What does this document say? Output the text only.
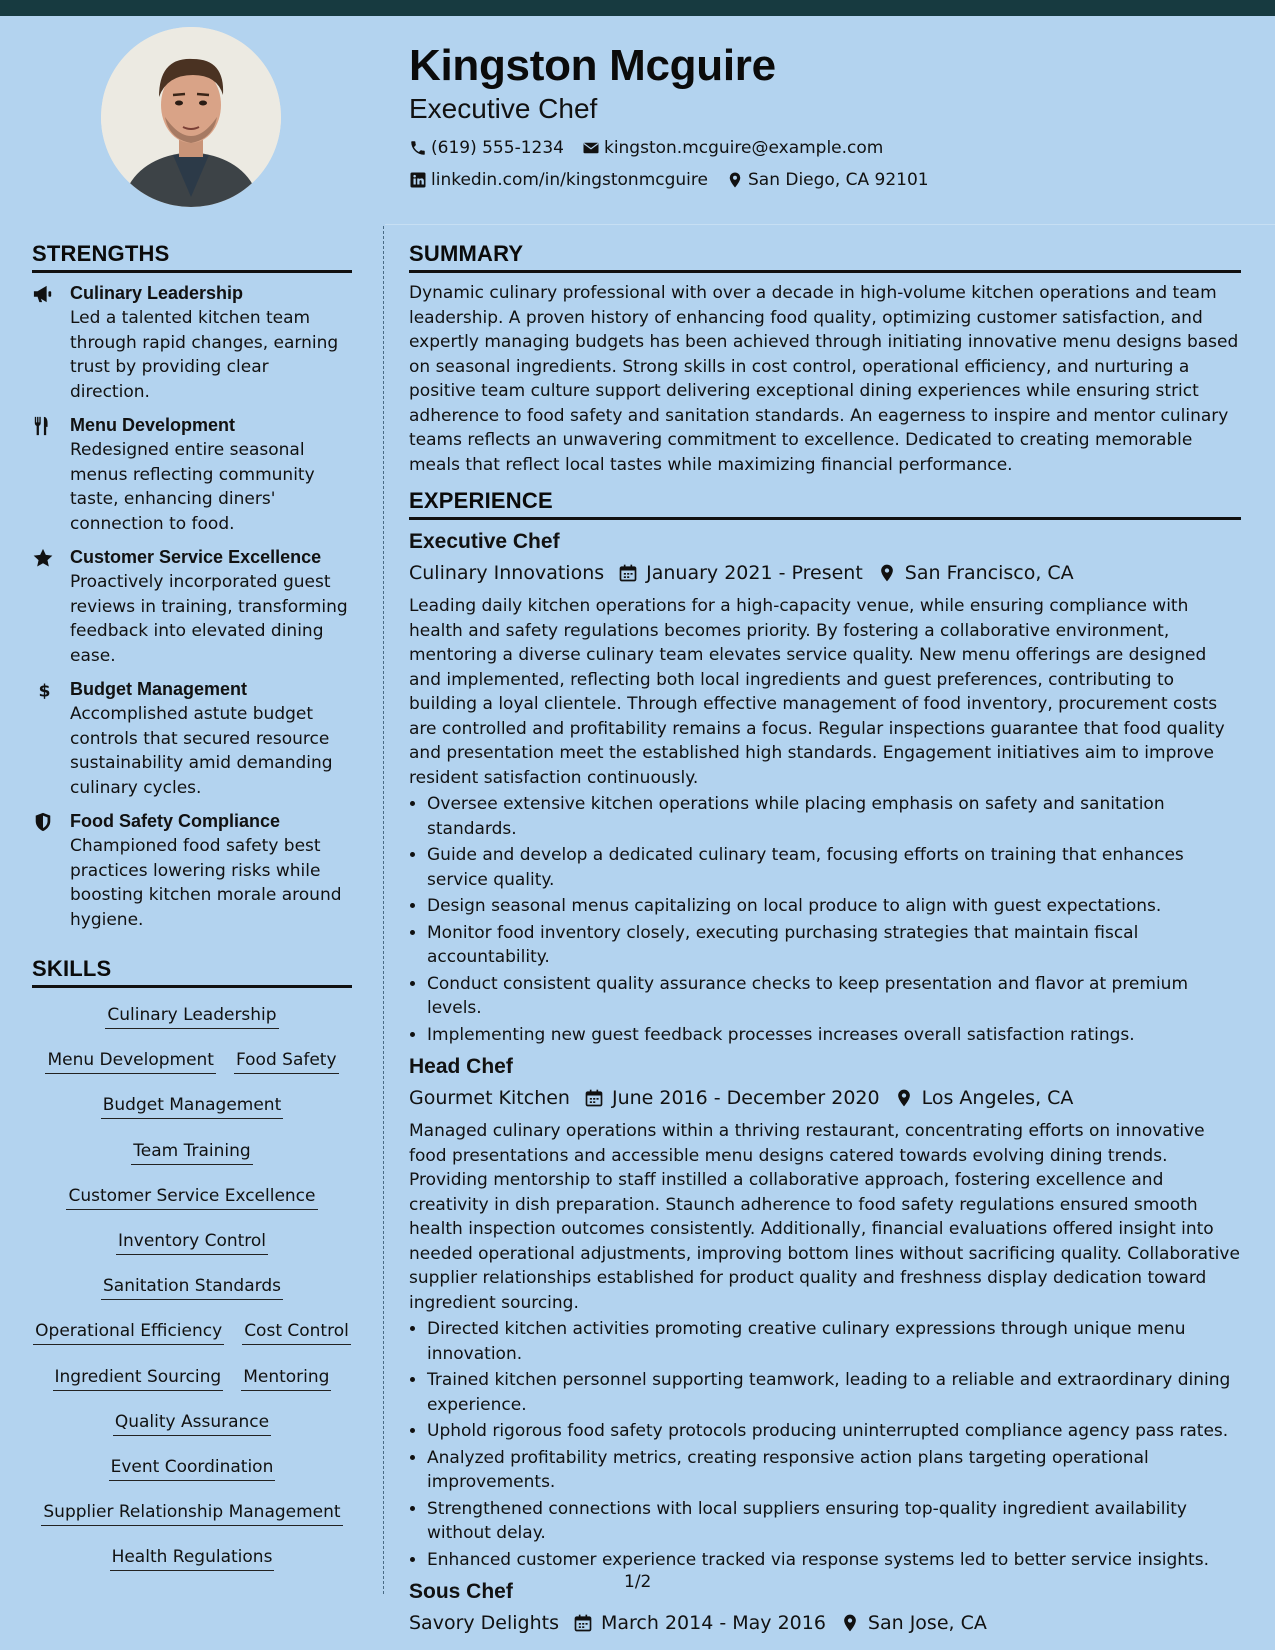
Kingston Mcguire
Executive Chef
(619) 555-1234 kingston.mcguire@example.com
linkedin.com/in/kingstonmcguire San Diego, CA 92101
STRENGTHS
Culinary Leadership
Led a talented kitchen team through rapid changes, earning trust by providing clear direction.
Menu Development
Redesigned entire seasonal menus reflecting community taste, enhancing diners' connection to food.
Customer Service Excellence
Proactively incorporated guest reviews in training, transforming feedback into elevated dining ease.
$ Budget Management
Accomplished astute budget controls that secured resource sustainability amid demanding culinary cycles.
Food Safety Compliance
Championed food safety best practices lowering risks while boosting kitchen morale around hygiene.
SKILLS
Culinary Leadership
Menu Development Food Safety
Budget Management
Team Training
Customer Service Excellence
Inventory Control
Sanitation Standards
Operational Efficiency Cost Control
Ingredient Sourcing Mentoring
Quality Assurance
Event Coordination
Supplier Relationship Management
Health Regulations
SUMMARY

Dynamic culinary professional with over a decade in high-volume kitchen operations and team leadership. A proven history of enhancing food quality, optimizing customer satisfaction, and expertly managing budgets has been achieved through initiating innovative menu designs based on seasonal ingredients. Strong skills in cost control, operational efficiency, and nurturing a positive team culture support delivering exceptional dining experiences while ensuring strict adherence to food safety and sanitation standards. An eagerness to inspire and mentor culinary teams reflects an unwavering commitment to excellence. Dedicated to creating memorable meals that reflect local tastes while maximizing financial performance.

EXPERIENCE
Executive Chef
Culinary Innovations January 2021 - Present San Francisco, CA

Leading daily kitchen operations for a high-capacity venue, while ensuring compliance with health and safety regulations becomes priority. By fostering a collaborative environment, mentoring a diverse culinary team elevates service quality. New menu offerings are designed and implemented, reflecting both local ingredients and guest preferences, contributing to building a loyal clientele. Through effective management of food inventory, procurement costs are controlled and profitability remains a focus. Regular inspections guarantee that food quality and presentation meet the established high standards. Engagement initiatives aim to improve resident satisfaction continuously.

• Oversee extensive kitchen operations while placing emphasis on safety and sanitation standards.
• Guide and develop a dedicated culinary team, focusing efforts on training that enhances service quality.
• Design seasonal menus capitalizing on local produce to align with guest expectations.
• Monitor food inventory closely, executing purchasing strategies that maintain fiscal accountability.
• Conduct consistent quality assurance checks to keep presentation and flavor at premium levels.
• Implementing new guest feedback processes increases overall satisfaction ratings.
Head Chef
Gourmet Kitchen June 2016 - December 2020 Los Angeles, CA

Managed culinary operations within a thriving restaurant, concentrating efforts on innovative food presentations and accessible menu designs catered towards evolving dining trends. Providing mentorship to staff instilled a collaborative approach, fostering excellence and creativity in dish preparation. Staunch adherence to food safety regulations ensured smooth health inspection outcomes consistently. Additionally, financial evaluations offered insight into needed operational adjustments, improving bottom lines without sacrificing quality. Collaborative supplier relationships established for product quality and freshness display dedication toward ingredient sourcing.

• Directed kitchen activities promoting creative culinary expressions through unique menu innovation.
• Trained kitchen personnel supporting teamwork, leading to a reliable and extraordinary dining experience.
• Uphold rigorous food safety protocols producing uninterrupted compliance agency pass rates.
• Analyzed profitability metrics, creating responsive action plans targeting operational improvements.
• Strengthened connections with local suppliers ensuring top-quality ingredient availability without delay.
• Enhanced customer experience tracked via response systems led to better service insights.
Sous Chef
Savory Delights March 2014 - May 2016 San Jose, CA
1/2
